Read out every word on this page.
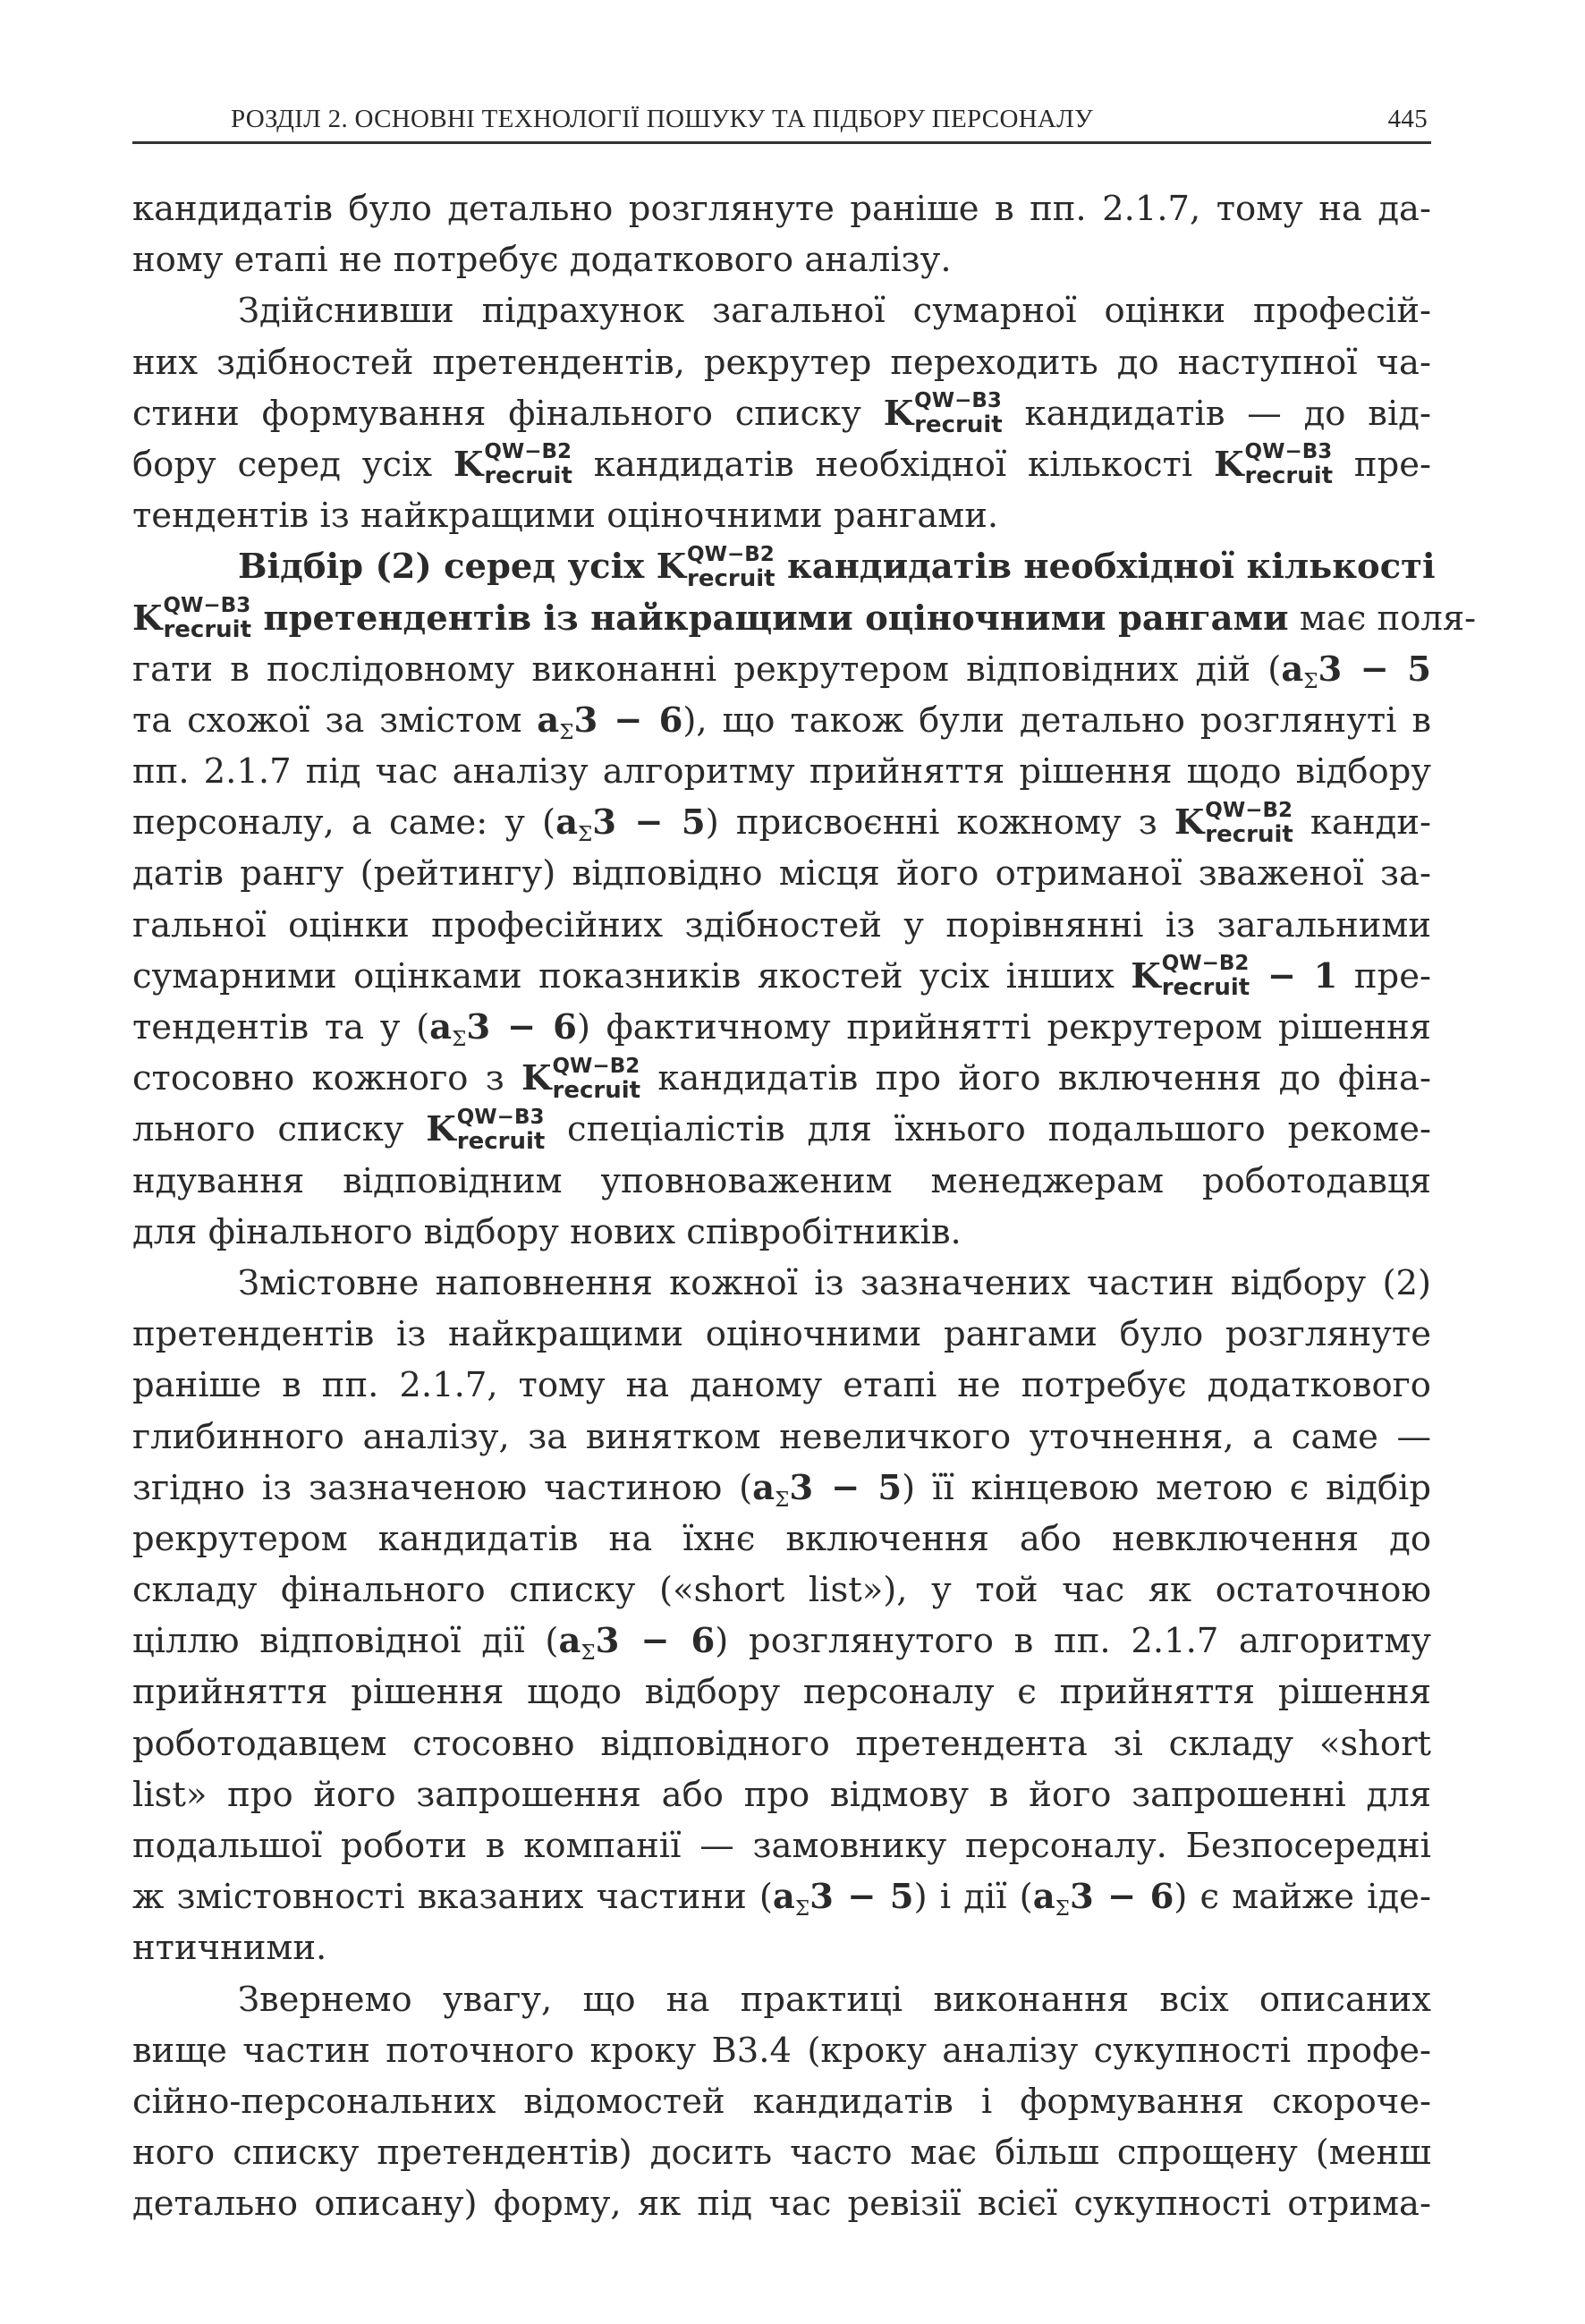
РОЗДІЛ 2. ОСНОВНІ ТЕХНОЛОГІЇ ПОШУКУ ТА ПІДБОРУ ПЕРСОНАЛУ	445
кандидатів було детально розглянуте раніше в пп. 2.1.7, тому на да-
ному етапі не потребує додаткового аналізу.
Здійснивши підрахунок загальної сумарної оцінки професій-
них здібностей претендентів, рекрутер переходить до наступної ча-
стини формування фінального списку K QW−B3
recruit кандидатів — до від-
бору серед усіх K QW−B2
recruit кандидатів необхідної кількості K QW−B3
recruit пре-
тендентів із найкращими оціночними рангами.
Відбір (2) серед усіх K QW−B2
recruit кандидатів необхідної кількості
K QW−B3
recruit претендентів із найкращими оціночними рангами має поля-
гати в послідовному виконанні рекрутером відповідних дій ($a_\Sigma 3 - 5$
та схожої за змістом $a_\Sigma 3 - 6$), що також були детально розглянуті в
пп. 2.1.7 під час аналізу алгоритму прийняття рішення щодо відбору
персоналу, а саме: у $(a_\Sigma 3 - 5)$ присвоєнні кожному з K QW−B2
recruit канди-
датів рангу (рейтингу) відповідно місця його отриманої зваженої за-
гальної оцінки професійних здібностей у порівнянні із загальними
сумарними оцінками показників якостей усіх інших K QW−B2
recruit − 1 пре-
тендентів та у $(a_\Sigma 3 - 6)$ фактичному прийнятті рекрутером рішення
стосовно кожного з K QW−B2
recruit кандидатів про його включення до фіна-
льного списку K QW−B3
recruit спеціалістів для їхнього подальшого рекоме-
ндування відповідним уповноваженим менеджерам роботодавця
для фінального відбору нових співробітників.
Змістовне наповнення кожної із зазначених частин відбору (2)
претендентів із найкращими оціночними рангами було розглянуте
раніше в пп. 2.1.7, тому на даному етапі не потребує додаткового
глибинного аналізу, за винятком невеличкого уточнення, а саме —
згідно із зазначеною частиною $(a_\Sigma 3 - 5)$ її кінцевою метою є відбір
рекрутером кандидатів на їхнє включення або невключення до
складу фінального списку («short list»), у той час як остаточною
ціллю відповідної дії $(a_\Sigma 3 - 6)$ розглянутого в пп. 2.1.7 алгоритму
прийняття рішення щодо відбору персоналу є прийняття рішення
роботодавцем стосовно відповідного претендента зі складу «short
list» про його запрошення або про відмову в його запрошенні для
подальшої роботи в компанії — замовнику персоналу. Безпосередні
ж змістовності вказаних частини $(a_\Sigma 3 - 5)$ і дії $(a_\Sigma 3 - 6)$ є майже іде-
нтичними.
Звернемо увагу, що на практиці виконання всіх описаних
вище частин поточного кроку В3.4 (кроку аналізу сукупності профе-
сійно-персональних відомостей кандидатів і формування скороче-
ного списку претендентів) досить часто має більш спрощену (менш
детально описану) форму, як під час ревізії всієї сукупності отрима-
